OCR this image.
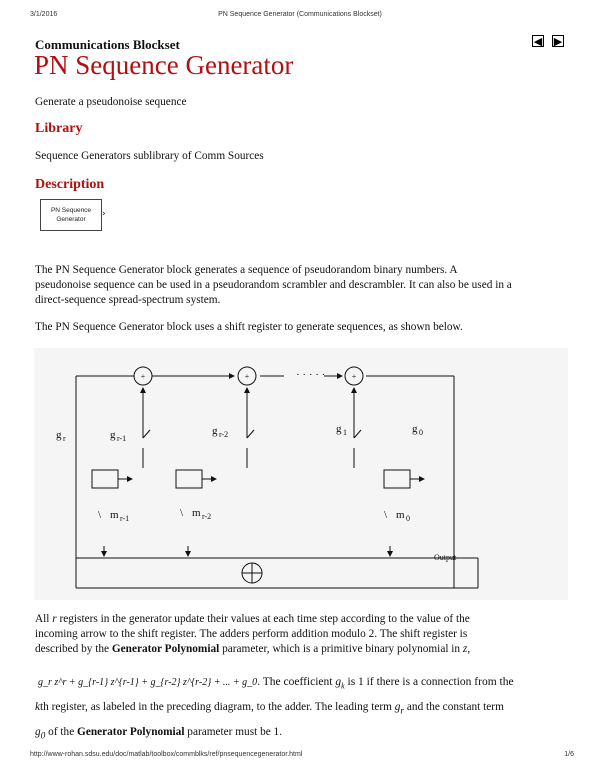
3/1/2016	PN Sequence Generator (Communications Blockset)
Communications Blockset	◀ ▶
PN Sequence Generator
Generate a pseudonoise sequence
Library
Sequence Generators sublibrary of Comm Sources
Description
PN Sequence
Generator
›
The PN Sequence Generator block generates a sequence of pseudorandom binary numbers. A
pseudonoise sequence can be used in a pseudorandom scrambler and descrambler. It can also be used in a
direct-sequence spread-spectrum system.
The PN Sequence Generator block uses a shift register to generate sequences, as shown below.
· · · · ·
+	+	+
g r	g r-1
g r-2	g 1	g 0
\ m r-1	\ m r-2	\ m 0
Output
All r registers in the generator update their values at each time step according to the value of the
incoming arrow to the shift register. The adders perform addition modulo 2. The shift register is
described by the Generator Polynomial parameter, which is a primitive binary polynomial in z,
g_r z^r + g_{r-1} z^{r-1} + g_{r-2} z^{r-2} + ... + g_0. The coefficient $g_k$ is 1 if there is a connection from the
kth register, as labeled in the preceding diagram, to the adder. The leading term $g_r$ and the constant term
$g_0$ of the Generator Polynomial parameter must be 1.
http://www-rohan.sdsu.edu/doc/matlab/toolbox/commblks/ref/pnsequencegenerator.html	1/6
